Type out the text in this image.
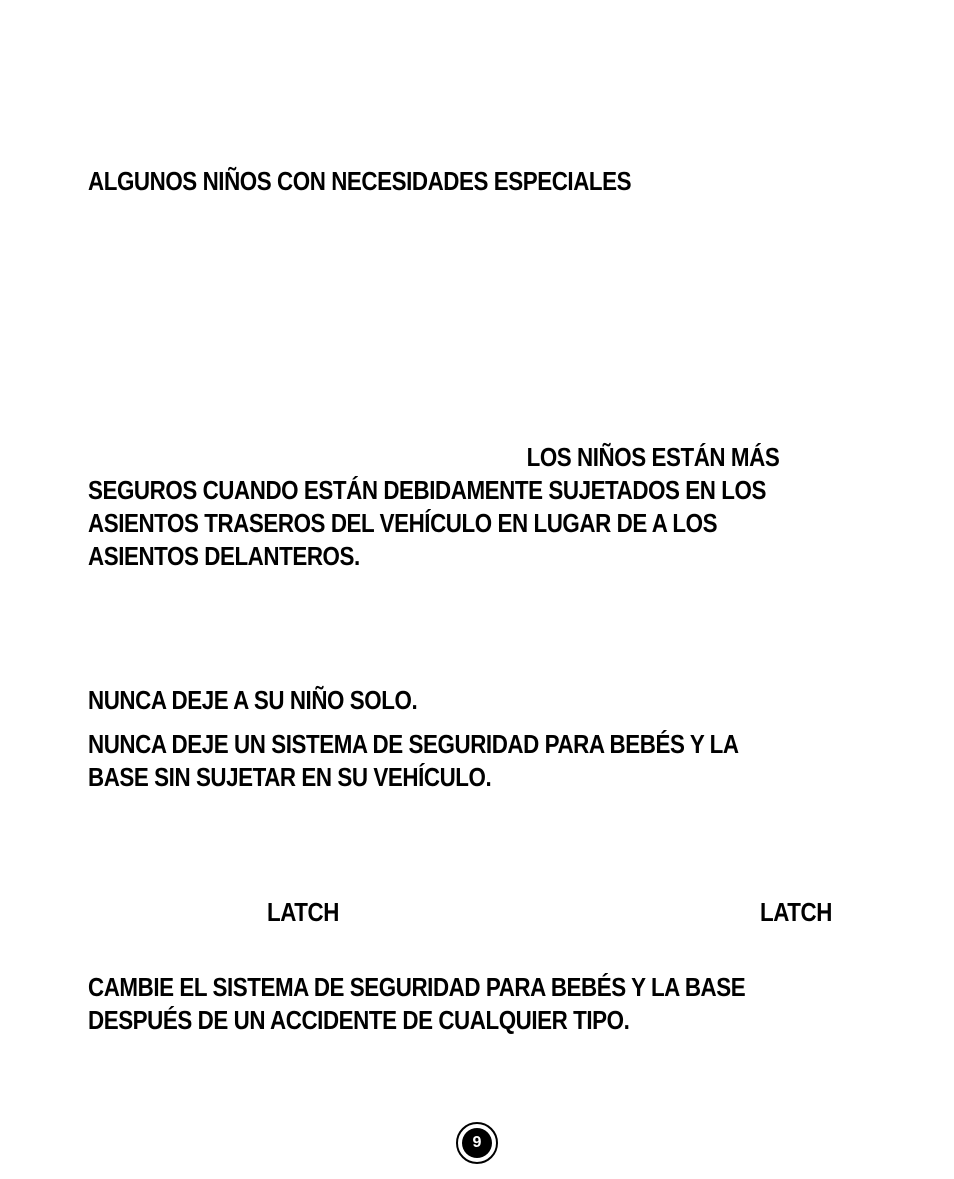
ALGUNOS NIÑOS CON NECESIDADES ESPECIALES

LOS NIÑOS ESTÁN MÁS
SEGUROS CUANDO ESTÁN DEBIDAMENTE SUJETADOS EN LOS
ASIENTOS TRASEROS DEL VEHÍCULO EN LUGAR DE A LOS
ASIENTOS DELANTEROS.

NUNCA DEJE A SU NIÑO SOLO.

NUNCA DEJE UN SISTEMA DE SEGURIDAD PARA BEBÉS Y LA
BASE SIN SUJETAR EN SU VEHÍCULO.

LATCH	LATCH

CAMBIE EL SISTEMA DE SEGURIDAD PARA BEBÉS Y LA BASE
DESPUÉS DE UN ACCIDENTE DE CUALQUIER TIPO.
9
